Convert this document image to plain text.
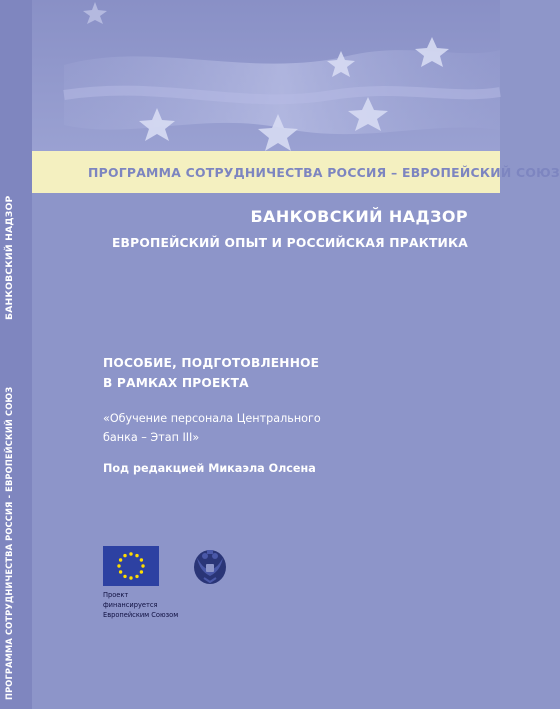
ПРОГРАММА СОТРУДНИЧЕСТВА РОССИЯ - ЕВРОПЕЙСКИЙ СОЮЗ
БАНКОВСКИЙ НАДЗОР
ПРОГРАММА СОТРУДНИЧЕСТВА РОССИЯ – ЕВРОПЕЙСКИЙ СОЮЗ
БАНКОВСКИЙ НАДЗОР
ЕВРОПЕЙСКИЙ ОПЫТ И РОССИЙСКАЯ ПРАКТИКА
ПОСОБИЕ, ПОДГОТОВЛЕННОЕ
В РАМКАХ ПРОЕКТА
«Обучение персонала Центрального
банка – Этап III»
Под редакцией Микаэла Олсена
Проект
финансируется
Европейским Союзом
